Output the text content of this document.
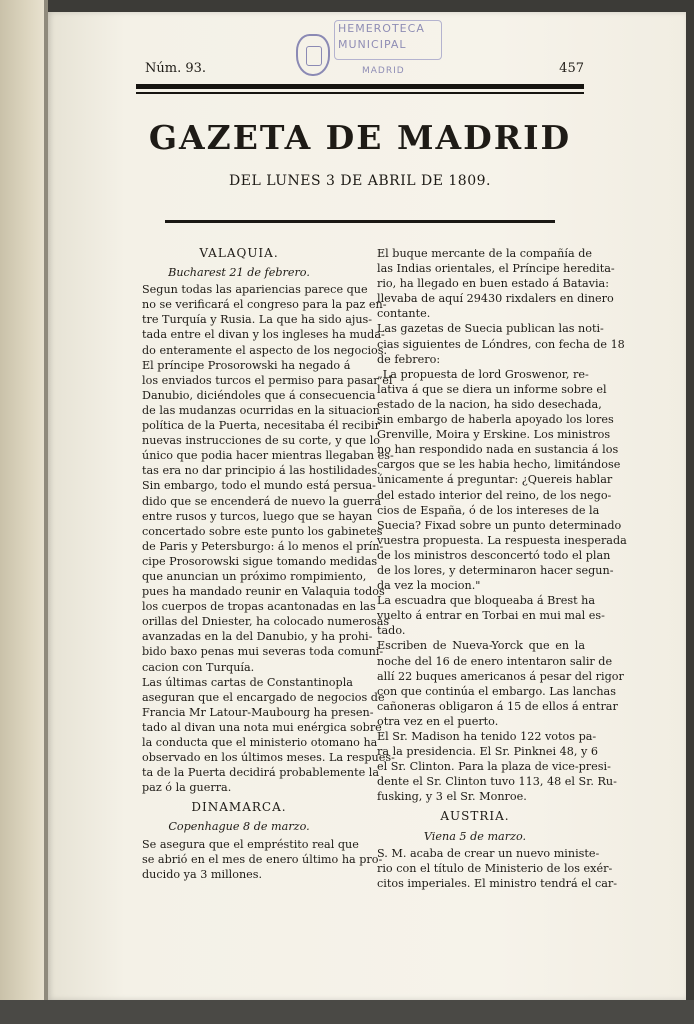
HEMEROTECA
MUNICIPAL
MADRID
Núm. 93.	457
GAZETA DE MADRID
DEL LUNES 3 DE ABRIL DE 1809.
VALAQUIA.
Bucharest 21 de febrero.

Segun todas las apariencias parece que
no se verificará el congreso para la paz en-
tre Turquía y Rusia. La que ha sido ajus-
tada entre el divan y los ingleses ha muda-
do enteramente el aspecto de los negocios.

El príncipe Prosorowski ha negado á
los enviados turcos el permiso para pasar el
Danubio, diciéndoles que á consecuencia
de las mudanzas ocurridas en la situacion
política de la Puerta, necesitaba él recibir
nuevas instrucciones de su corte, y que lo
único que podia hacer mientras llegaban es-
tas era no dar principio á las hostilidades.

Sin embargo, todo el mundo está persua-
dido que se encenderá de nuevo la guerra
entre rusos y turcos, luego que se hayan
concertado sobre este punto los gabinetes
de Paris y Petersburgo: á lo menos el prín-
cipe Prosorowski sigue tomando medidas
que anuncian un próximo rompimiento,
pues ha mandado reunir en Valaquia todos
los cuerpos de tropas acantonadas en las
orillas del Dniester, ha colocado numerosas
avanzadas en la del Danubio, y ha prohi-
bido baxo penas mui severas toda comuni-
cacion con Turquía.

Las últimas cartas de Constantinopla
aseguran que el encargado de negocios de
Francia Mr Latour-Maubourg ha presen-
tado al divan una nota mui enérgica sobre
la conducta que el ministerio otomano ha
observado en los últimos meses. La respues-
ta de la Puerta decidirá probablemente la
paz ó la guerra.

DINAMARCA.
Copenhague 8 de marzo.

Se asegura que el empréstito real que
se abrió en el mes de enero último ha pro-
ducido ya 3 millones.

El buque mercante de la compañía de
las Indias orientales, el Príncipe heredita-
rio, ha llegado en buen estado á Batavia:
llevaba de aquí 29430 rixdalers en dinero
contante.

Las gazetas de Suecia publican las noti-
cias siguientes de Lóndres, con fecha de 18
de febrero:

„La propuesta de lord Groswenor, re-
lativa á que se diera un informe sobre el
estado de la nacion, ha sido desechada,
sin embargo de haberla apoyado los lores
Grenville, Moira y Erskine. Los ministros
no han respondido nada en sustancia á los
cargos que se les habia hecho, limitándose
únicamente á preguntar: ¿Quereis hablar
del estado interior del reino, de los nego-
cios de España, ó de los intereses de la
Suecia? Fixad sobre un punto determinado
vuestra propuesta. La respuesta inesperada
de los ministros desconcertó todo el plan
de los lores, y determinaron hacer segun-
da vez la mocion."

La escuadra que bloqueaba á Brest ha
vuelto á entrar en Torbai en mui mal es-
tado.

Escriben de Nueva-Yorck que en la
noche del 16 de enero intentaron salir de
allí 22 buques americanos á pesar del rigor
con que continúa el embargo. Las lanchas
cañoneras obligaron á 15 de ellos á entrar
otra vez en el puerto.

El Sr. Madison ha tenido 122 votos pa-
ra la presidencia. El Sr. Pinknei 48, y 6
el Sr. Clinton. Para la plaza de vice-presi-
dente el Sr. Clinton tuvo 113, 48 el Sr. Ru-
fusking, y 3 el Sr. Monroe.

AUSTRIA.
Viena 5 de marzo.

S. M. acaba de crear un nuevo ministe-
rio con el título de Ministerio de los exér-
citos imperiales. El ministro tendrá el car-
